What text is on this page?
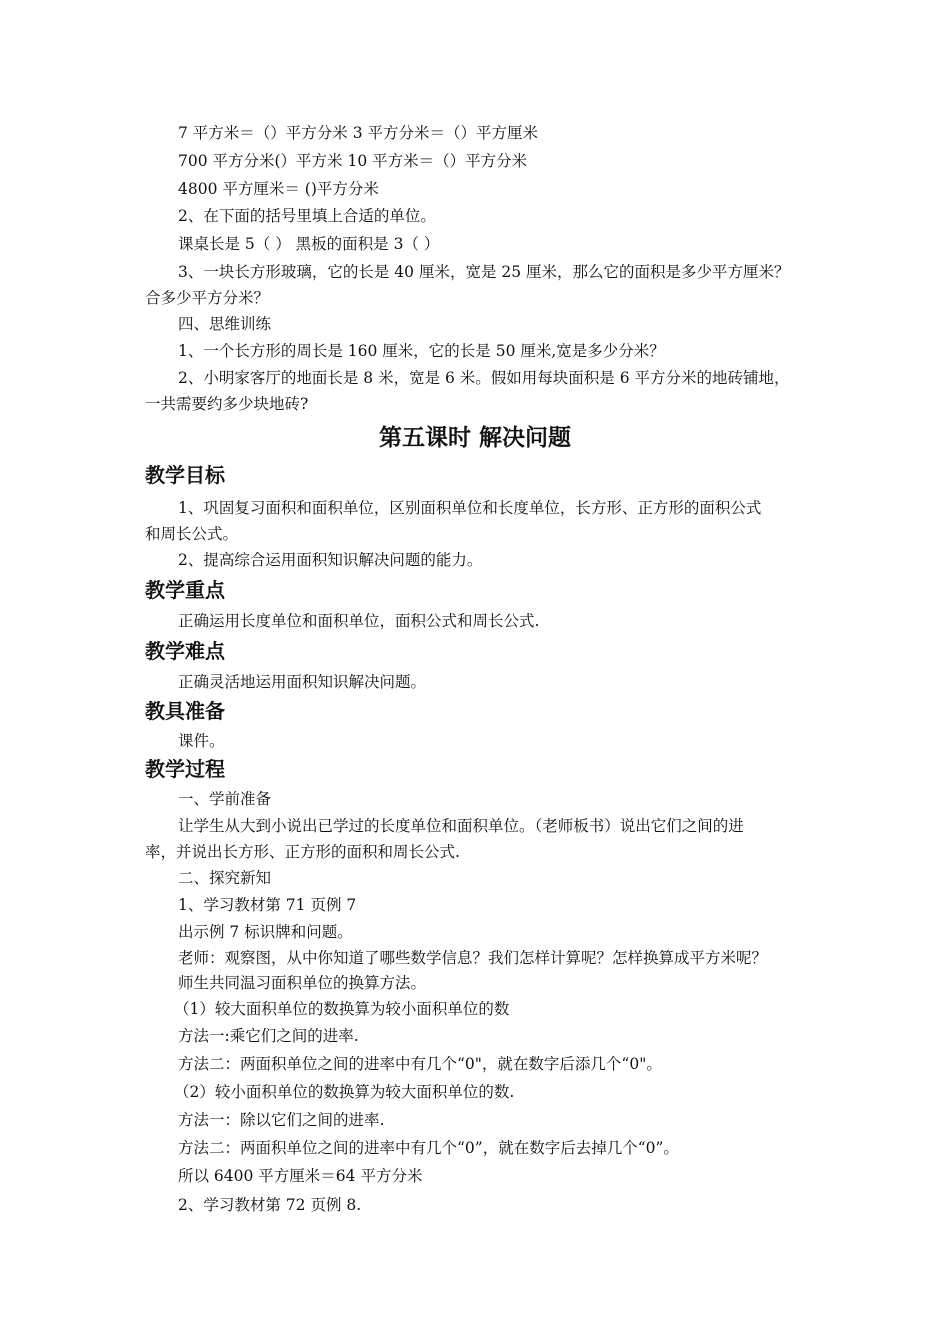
7 平方米＝（）平方分米 3 平方分米＝（）平方厘米
700 平方分米(）平方米 10 平方米＝（）平方分米
4800 平方厘米＝ ()平方分米
2、在下面的括号里填上合适的单位。
课桌长是 5（ ） 黑板的面积是 3（ ）
3、一块长方形玻璃，它的长是 40 厘米，宽是 25 厘米，那么它的面积是多少平方厘米？
合多少平方分米？
四、思维训练
1、一个长方形的周长是 160 厘米，它的长是 50 厘米,宽是多少分米？
2、小明家客厅的地面长是 8 米，宽是 6 米。假如用每块面积是 6 平方分米的地砖铺地，
一共需要约多少块地砖?
第五课时 解决问题
教学目标
1、巩固复习面积和面积单位，区别面积单位和长度单位，长方形、正方形的面积公式
和周长公式。
2、提高综合运用面积知识解决问题的能力。
教学重点
正确运用长度单位和面积单位，面积公式和周长公式.
教学难点
正确灵活地运用面积知识解决问题。
教具准备
课件。
教学过程
一、学前准备
让学生从大到小说出已学过的长度单位和面积单位。（老师板书）说出它们之间的进
率，并说出长方形、正方形的面积和周长公式.
二、探究新知
1、学习教材第 71 页例 7
出示例 7 标识牌和问题。
老师：观察图，从中你知道了哪些数学信息？我们怎样计算呢？怎样换算成平方米呢？
师生共同温习面积单位的换算方法。
（1）较大面积单位的数换算为较小面积单位的数
方法一:乘它们之间的进率.
方法二：两面积单位之间的进率中有几个“0"，就在数字后添几个“0"。
（2）较小面积单位的数换算为较大面积单位的数.
方法一：除以它们之间的进率.
方法二：两面积单位之间的进率中有几个“0”，就在数字后去掉几个“0”。
所以 6400 平方厘米＝64 平方分米
2、学习教材第 72 页例 8.
